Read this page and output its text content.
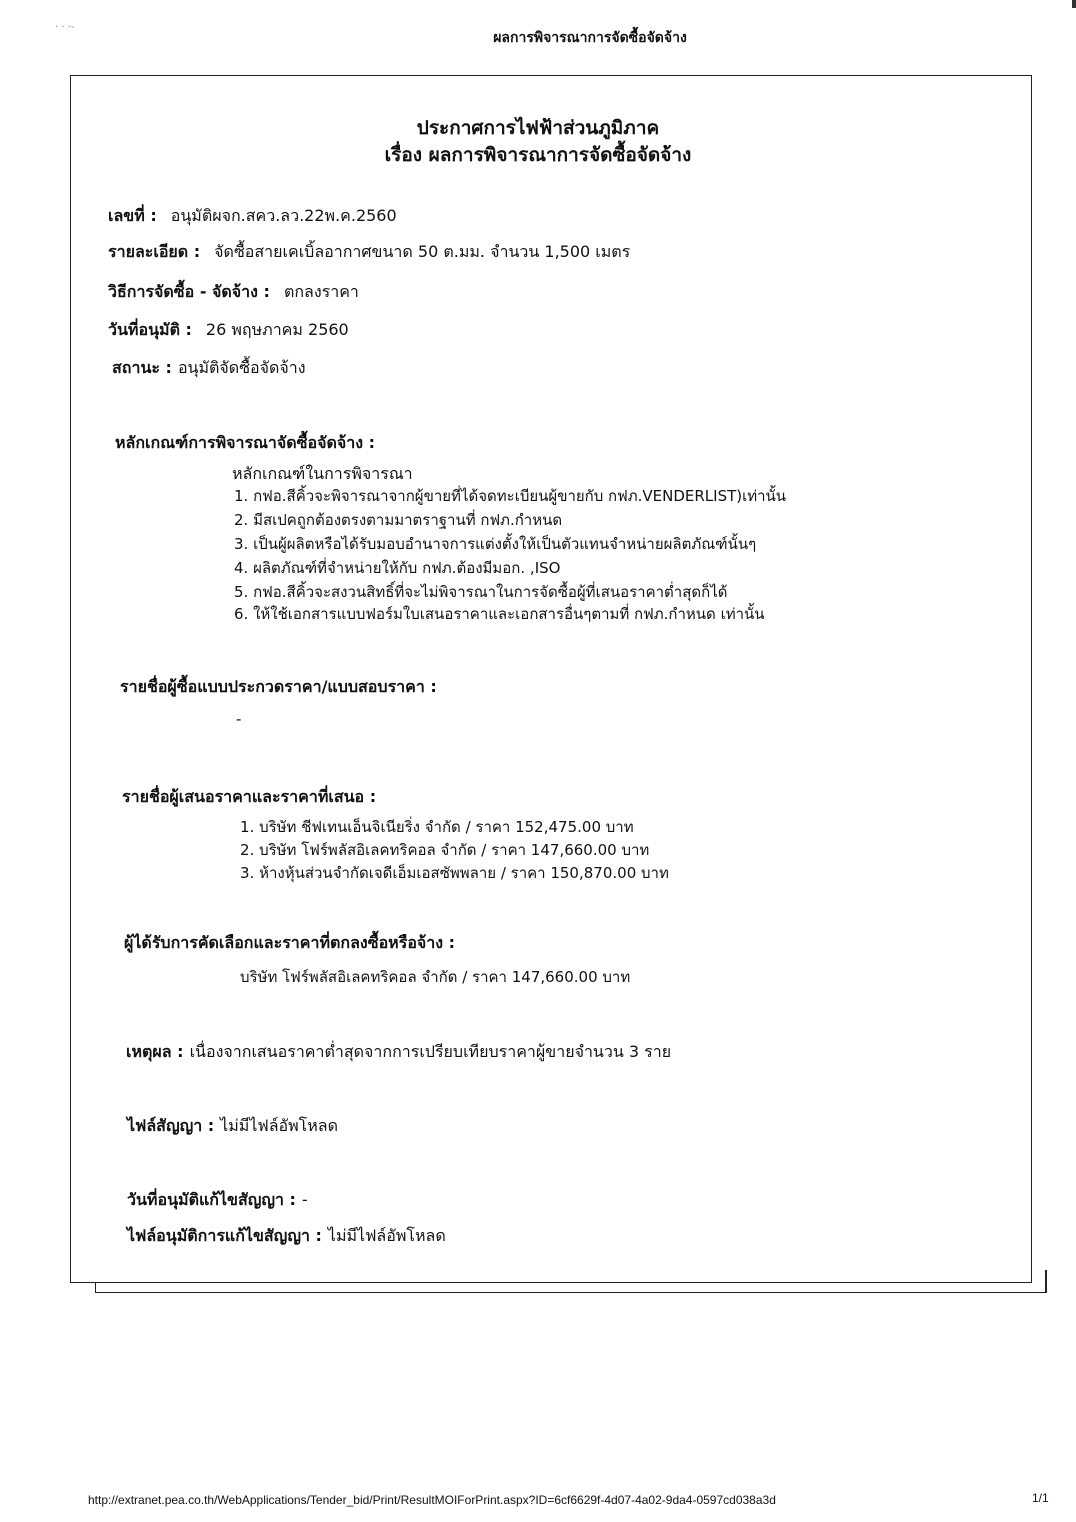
· · ·-
ผลการพิจารณาการจัดซื้อจัดจ้าง
ประกาศการไฟฟ้าส่วนภูมิภาค
เรื่อง ผลการพิจารณาการจัดซื้อจัดจ้าง
เลขที่ : อนุมัติผจก.สคว.ลว.22พ.ค.2560
รายละเอียด : จัดซื้อสายเคเบิ้ลอากาศขนาด 50 ต.มม. จำนวน 1,500 เมตร
วิธีการจัดซื้อ - จัดจ้าง : ตกลงราคา
วันที่อนุมัติ : 26 พฤษภาคม 2560
สถานะ : อนุมัติจัดซื้อจัดจ้าง
หลักเกณฑ์การพิจารณาจัดซื้อจัดจ้าง :
หลักเกณฑ์ในการพิจารณา
1. กฟอ.สีคิ้วจะพิจารณาจากผู้ขายที่ได้จดทะเบียนผู้ขายกับ กฟภ.VENDERLIST)เท่านั้น
2. มีสเปคถูกต้องตรงตามมาตราฐานที่ กฟภ.กำหนด
3. เป็นผู้ผลิตหรือได้รับมอบอำนาจการแต่งตั้งให้เป็นตัวแทนจำหน่ายผลิตภัณฑ์นั้นๆ
4. ผลิตภัณฑ์ที่จำหน่ายให้กับ กฟภ.ต้องมีมอก. ,ISO
5. กฟอ.สีคิ้วจะสงวนสิทธิ์ที่จะไม่พิจารณาในการจัดซื้อผู้ที่เสนอราคาต่ำสุดก็ได้
6. ให้ใช้เอกสารแบบฟอร์มใบเสนอราคาและเอกสารอื่นๆตามที่ กฟภ.กำหนด เท่านั้น
รายชื่อผู้ซื้อแบบประกวดราคา/แบบสอบราคา :
-
รายชื่อผู้เสนอราคาและราคาที่เสนอ :
1. บริษัท ชีฟเทนเอ็นจิเนียริ่ง จำกัด / ราคา 152,475.00 บาท
2. บริษัท โฟร์พลัสอิเลคทริคอล จำกัด / ราคา 147,660.00 บาท
3. ห้างหุ้นส่วนจำกัดเจดีเอ็มเอสซัพพลาย / ราคา 150,870.00 บาท
ผู้ได้รับการคัดเลือกและราคาที่ตกลงซื้อหรือจ้าง :
บริษัท โฟร์พลัสอิเลคทริคอล จำกัด / ราคา 147,660.00 บาท
เหตุผล : เนื่องจากเสนอราคาต่ำสุดจากการเปรียบเทียบราคาผู้ขายจำนวน 3 ราย
ไฟล์สัญญา : ไม่มีไฟล์อัพโหลด
วันที่อนุมัติแก้ไขสัญญา : -
ไฟล์อนุมัติการแก้ไขสัญญา : ไม่มีไฟล์อัพโหลด
http://extranet.pea.co.th/WebApplications/Tender_bid/Print/ResultMOIForPrint.aspx?ID=6cf6629f-4d07-4a02-9da4-0597cd038a3d	1/1
